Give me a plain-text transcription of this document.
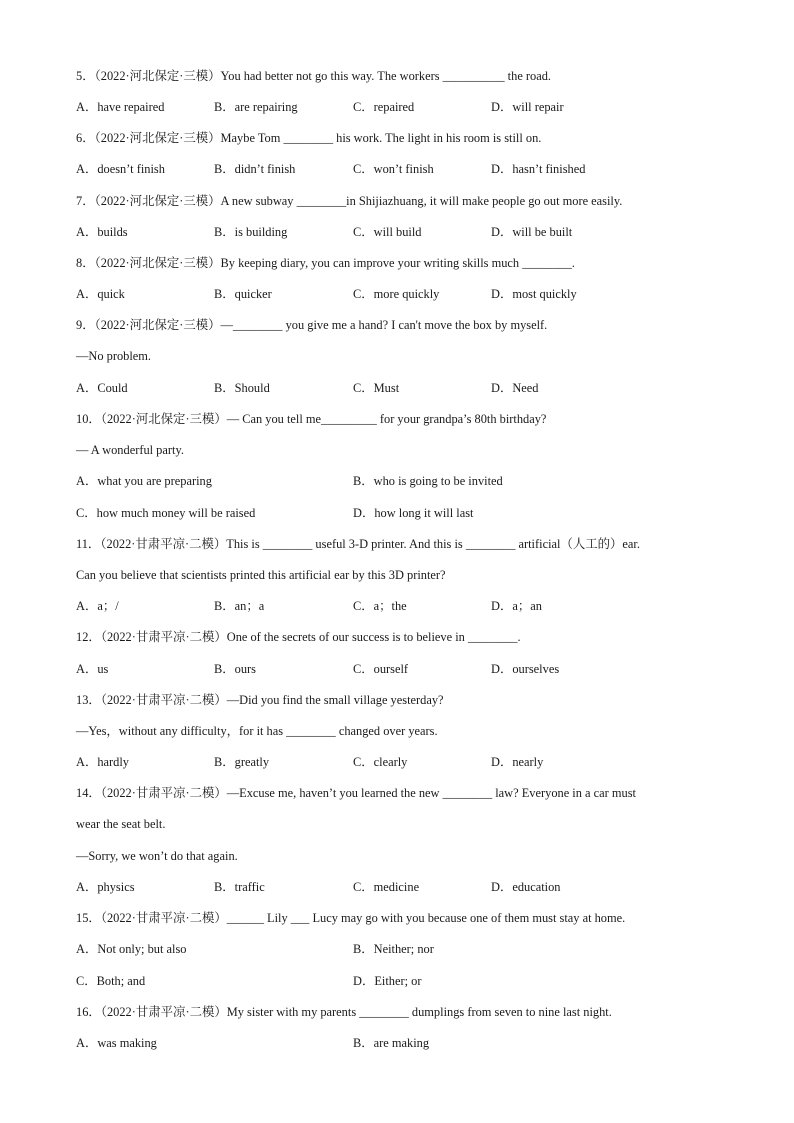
5．（2022·河北保定·三模）You had better not go this way. The workers __________ the road.
A．have repaired	B．are repairing	C．repaired	D．will repair
6．（2022·河北保定·三模）Maybe Tom ________ his work. The light in his room is still on.
A．doesn’t finish	B．didn’t finish	C．won’t finish	D．hasn’t finished
7．（2022·河北保定·三模）A new subway ________in Shijiazhuang, it will make people go out more easily.
A．builds	B．is building	C．will build	D．will be built
8．（2022·河北保定·三模）By keeping diary, you can improve your writing skills much ________.
A．quick	B．quicker	C．more quickly	D．most quickly
9．（2022·河北保定·三模）—________ you give me a hand? I can't move the box by myself.
—No problem.
A．Could	B．Should	C．Must	D．Need
10．（2022·河北保定·三模）— Can you tell me_________ for your grandpa’s 80th birthday?
— A wonderful party.
A．what you are preparing	B．who is going to be invited
C．how much money will be raised	D．how long it will last
11．（2022·甘肃平凉·二模）This is ________ useful 3-D printer. And this is ________ artificial（人工的）ear.
Can you believe that scientists printed this artificial ear by this 3D printer?
A．a；/	B．an；a	C．a；the	D．a；an
12．（2022·甘肃平凉·二模）One of the secrets of our success is to believe in ________.
A．us	B．ours	C．ourself	D．ourselves
13．（2022·甘肃平凉·二模）—Did you find the small village yesterday?
—Yes，without any difficulty，for it has ________ changed over years.
A．hardly	B．greatly	C．clearly	D．nearly
14．（2022·甘肃平凉·二模）—Excuse me, haven’t you learned the new ________ law? Everyone in a car must
wear the seat belt.
—Sorry, we won’t do that again.
A．physics	B．traffic	C．medicine	D．education
15．（2022·甘肃平凉·二模）______ Lily ___ Lucy may go with you because one of them must stay at home.
A．Not only; but also	B．Neither; nor
C．Both; and	D．Either; or
16．（2022·甘肃平凉·二模）My sister with my parents ________ dumplings from seven to nine last night.
A．was making	B．are making
